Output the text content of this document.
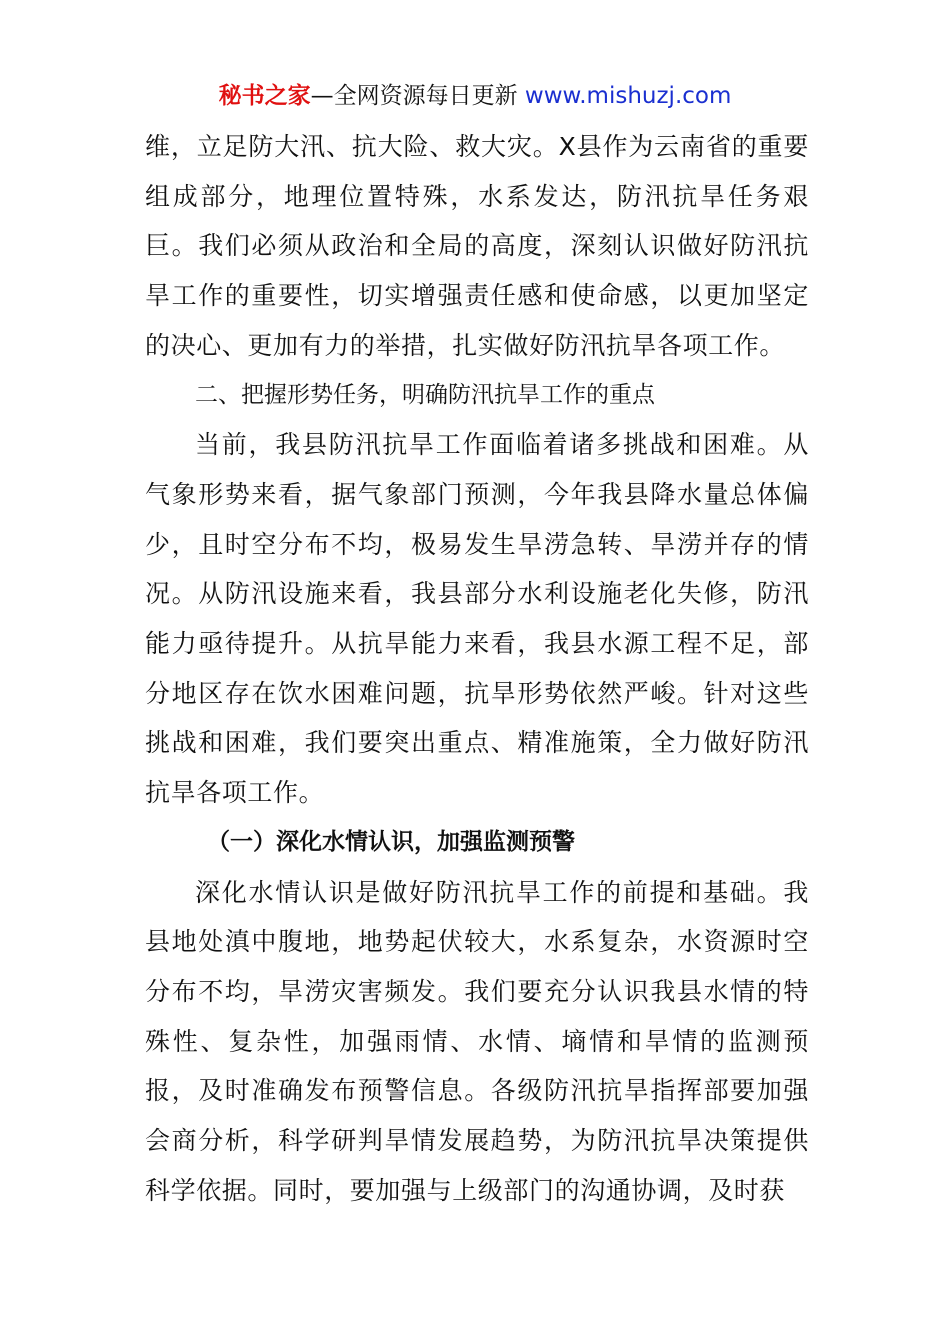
秘书之家—全网资源每日更新 www.mishuzj.com

维，立足防大汛、抗大险、救大灾。X县作为云南省的重要组成部分，地理位置特殊，水系发达，防汛抗旱任务艰巨。我们必须从政治和全局的高度，深刻认识做好防汛抗旱工作的重要性，切实增强责任感和使命感，以更加坚定的决心、更加有力的举措，扎实做好防汛抗旱各项工作。

二、把握形势任务，明确防汛抗旱工作的重点

当前，我县防汛抗旱工作面临着诸多挑战和困难。从气象形势来看，据气象部门预测，今年我县降水量总体偏少，且时空分布不均，极易发生旱涝急转、旱涝并存的情况。从防汛设施来看，我县部分水利设施老化失修，防汛能力亟待提升。从抗旱能力来看，我县水源工程不足，部分地区存在饮水困难问题，抗旱形势依然严峻。针对这些挑战和困难，我们要突出重点、精准施策，全力做好防汛抗旱各项工作。

（一）深化水情认识，加强监测预警

深化水情认识是做好防汛抗旱工作的前提和基础。我县地处滇中腹地，地势起伏较大，水系复杂，水资源时空分布不均，旱涝灾害频发。我们要充分认识我县水情的特殊性、复杂性，加强雨情、水情、墒情和旱情的监测预报，及时准确发布预警信息。各级防汛抗旱指挥部要加强会商分析，科学研判旱情发展趋势，为防汛抗旱决策提供科学依据。同时，要加强与上级部门的沟通协调，及时获
